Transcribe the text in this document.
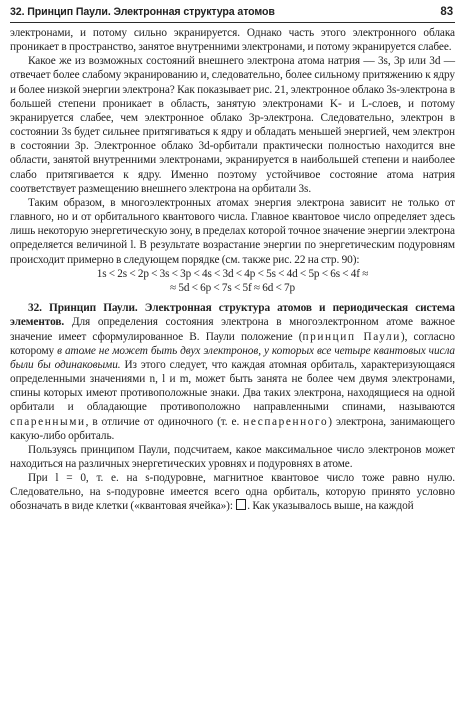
32. Принцип Паули. Электронная структура атомов	83

электронами, и потому сильно экранируется. Однако часть этого электронного облака проникает в пространство, занятое внутренними электронами, и потому экранируется слабее.

Какое же из возможных состояний внешнего электрона атома натрия — 3s, 3p или 3d — отвечает более слабому экранированию и, следовательно, более сильному притяжению к ядру и более низкой энергии электрона? Как показывает рис. 21, электронное облако 3s-электрона в большей степени проникает в область, занятую электронами K- и L-слоев, и потому экранируется слабее, чем электронное облако 3p-электрона. Следовательно, электрон в состоянии 3s будет сильнее притягиваться к ядру и обладать меньшей энергией, чем электрон в состоянии 3p. Электронное облако 3d-орбитали практически полностью находится вне области, занятой внутренними электронами, экранируется в наибольшей степени и наиболее слабо притягивается к ядру. Именно поэтому устойчивое состояние атома натрия соответствует размещению внешнего электрона на орбитали 3s.

Таким образом, в многоэлектронных атомах энергия электрона зависит не только от главного, но и от орбитального квантового числа. Главное квантовое число определяет здесь лишь некоторую энергетическую зону, в пределах которой точное значение энергии электрона определяется величиной l. В результате возрастание энергии по энергетическим подуровням происходит примерно в следующем порядке (см. также рис. 22 на стр. 90):

1s < 2s < 2p < 3s < 3p < 4s < 3d < 4p < 5s < 4d < 5p < 6s < 4f ≈
≈ 5d < 6p < 7s < 5f ≈ 6d < 7p

32. Принцип Паули. Электронная структура атомов и периодическая система элементов. Для определения состояния электрона в многоэлектронном атоме важное значение имеет сформулированное В. Паули положение (принцип Паули), согласно которому в атоме не может быть двух электронов, у которых все четыре квантовых числа были бы одинаковыми. Из этого следует, что каждая атомная орбиталь, характеризующаяся определенными значениями n, l и m, может быть занята не более чем двумя электронами, спины которых имеют противоположные знаки. Два таких электрона, находящиеся на одной орбитали и обладающие противоположно направленными спинами, называются спаренными, в отличие от одиночного (т. е. неспаренного) электрона, занимающего какую-либо орбиталь.

Пользуясь принципом Паули, подсчитаем, какое максимальное число электронов может находиться на различных энергетических уровнях и подуровнях в атоме.

При l = 0, т. е. на s-подуровне, магнитное квантовое число тоже равно нулю. Следовательно, на s-подуровне имеется всего одна орбиталь, которую принято условно обозначать в виде клетки («квантовая ячейка»): . Как указывалось выше, на каждой
